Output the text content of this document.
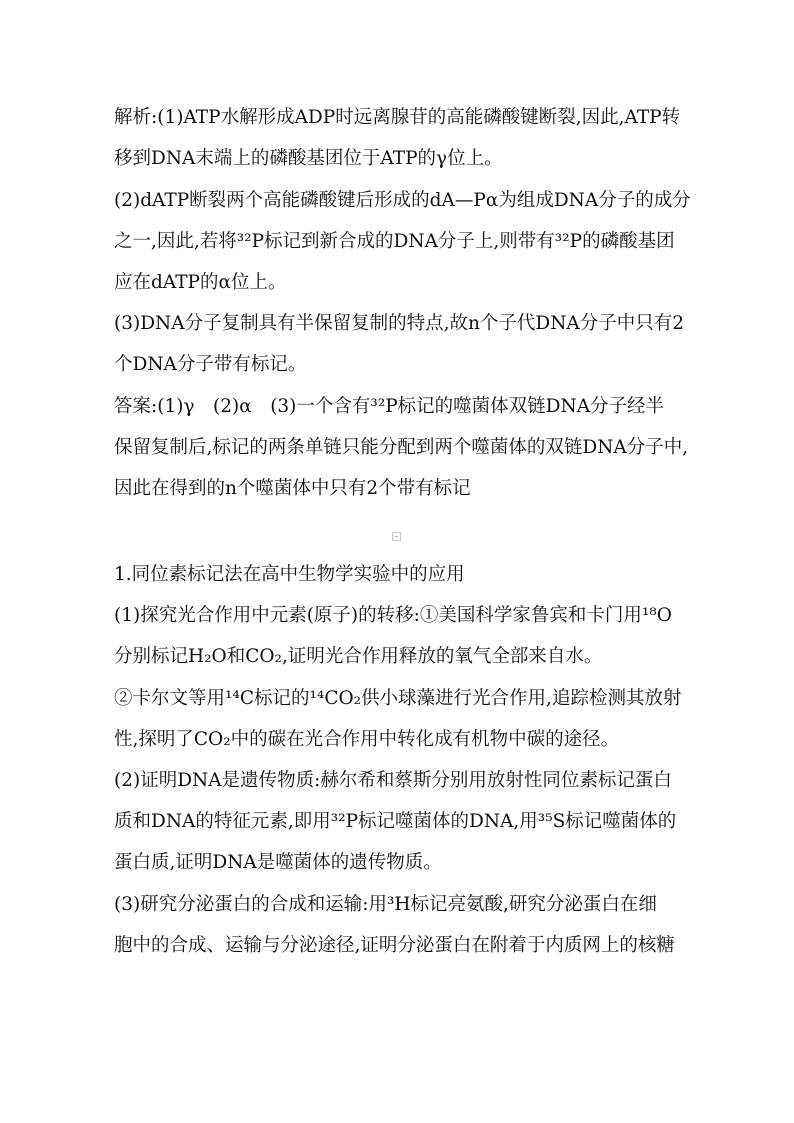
解析:(1)ATP水解形成ADP时远离腺苷的高能磷酸键断裂,因此,ATP转
移到DNA末端上的磷酸基团位于ATP的γ位上。

(2)dATP断裂两个高能磷酸键后形成的dA—Pα为组成DNA分子的成分
之一,因此,若将³²P标记到新合成的DNA分子上,则带有³²P的磷酸基团
应在dATP的α位上。

(3)DNA分子复制具有半保留复制的特点,故n个子代DNA分子中只有2
个DNA分子带有标记。

答案:(1)γ　(2)α　(3)一个含有³²P标记的噬菌体双链DNA分子经半
保留复制后,标记的两条单链只能分配到两个噬菌体的双链DNA分子中,
因此在得到的n个噬菌体中只有2个带有标记

1.同位素标记法在高中生物学实验中的应用

(1)探究光合作用中元素(原子)的转移:①美国科学家鲁宾和卡门用¹⁸O
分别标记H₂O和CO₂,证明光合作用释放的氧气全部来自水。

②卡尔文等用¹⁴C标记的¹⁴CO₂供小球藻进行光合作用,追踪检测其放射
性,探明了CO₂中的碳在光合作用中转化成有机物中碳的途径。

(2)证明DNA是遗传物质:赫尔希和蔡斯分别用放射性同位素标记蛋白
质和DNA的特征元素,即用³²P标记噬菌体的DNA,用³⁵S标记噬菌体的
蛋白质,证明DNA是噬菌体的遗传物质。

(3)研究分泌蛋白的合成和运输:用³H标记亮氨酸,研究分泌蛋白在细
胞中的合成、运输与分泌途径,证明分泌蛋白在附着于内质网上的核糖
